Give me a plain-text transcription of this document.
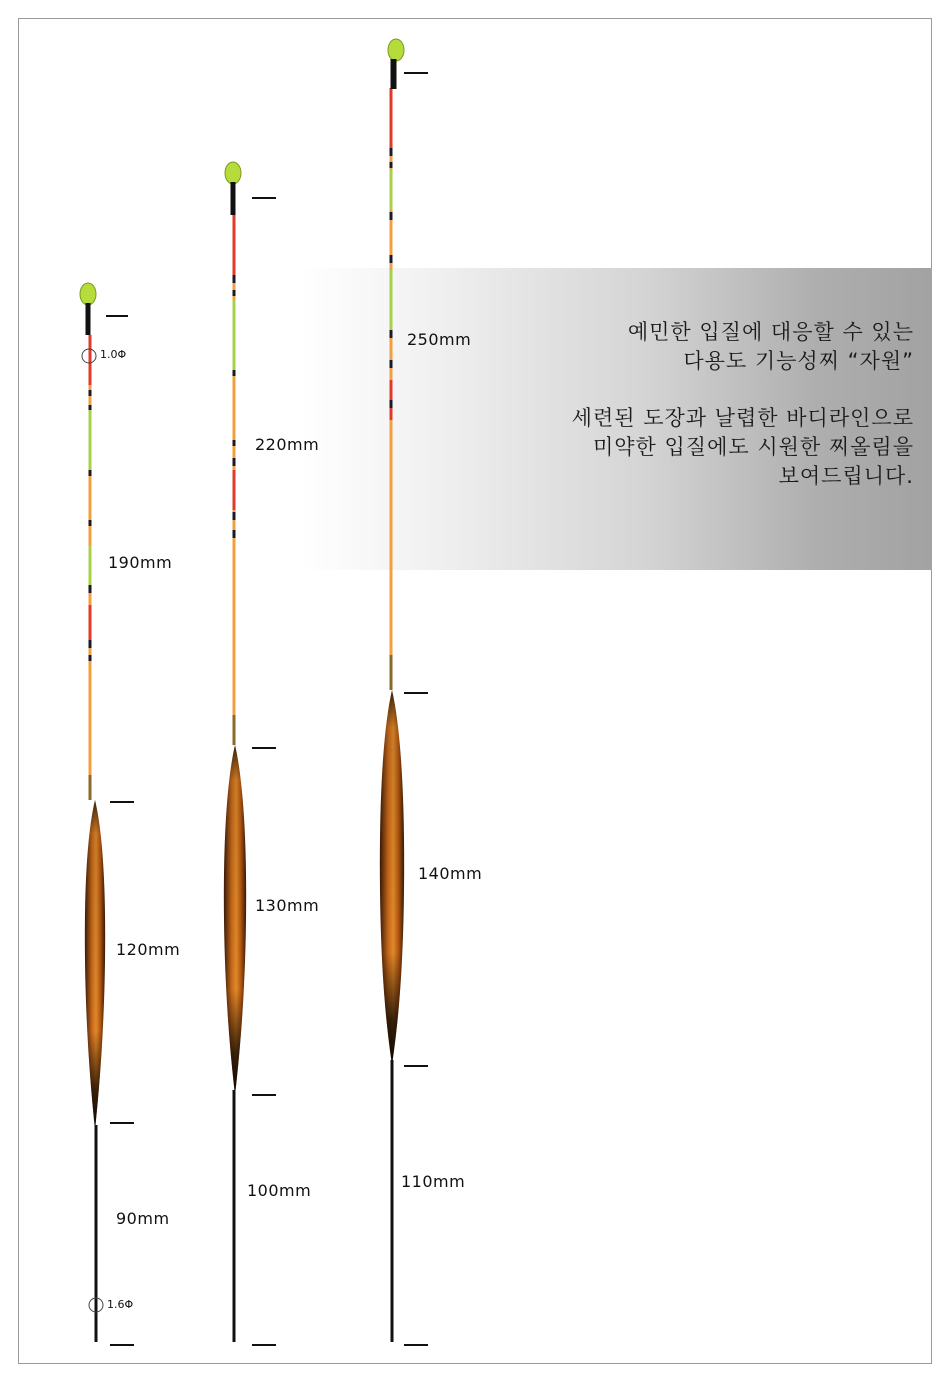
예민한 입질에 대응할 수 있는

다용도 기능성찌 “자원”

세련된 도장과 날렵한 바디라인으로

미약한 입질에도 시원한 찌올림을

보여드립니다.

1.0Φ
190mm
120mm
90mm
1.6Φ
220mm
130mm
100mm
250mm
140mm
110mm
